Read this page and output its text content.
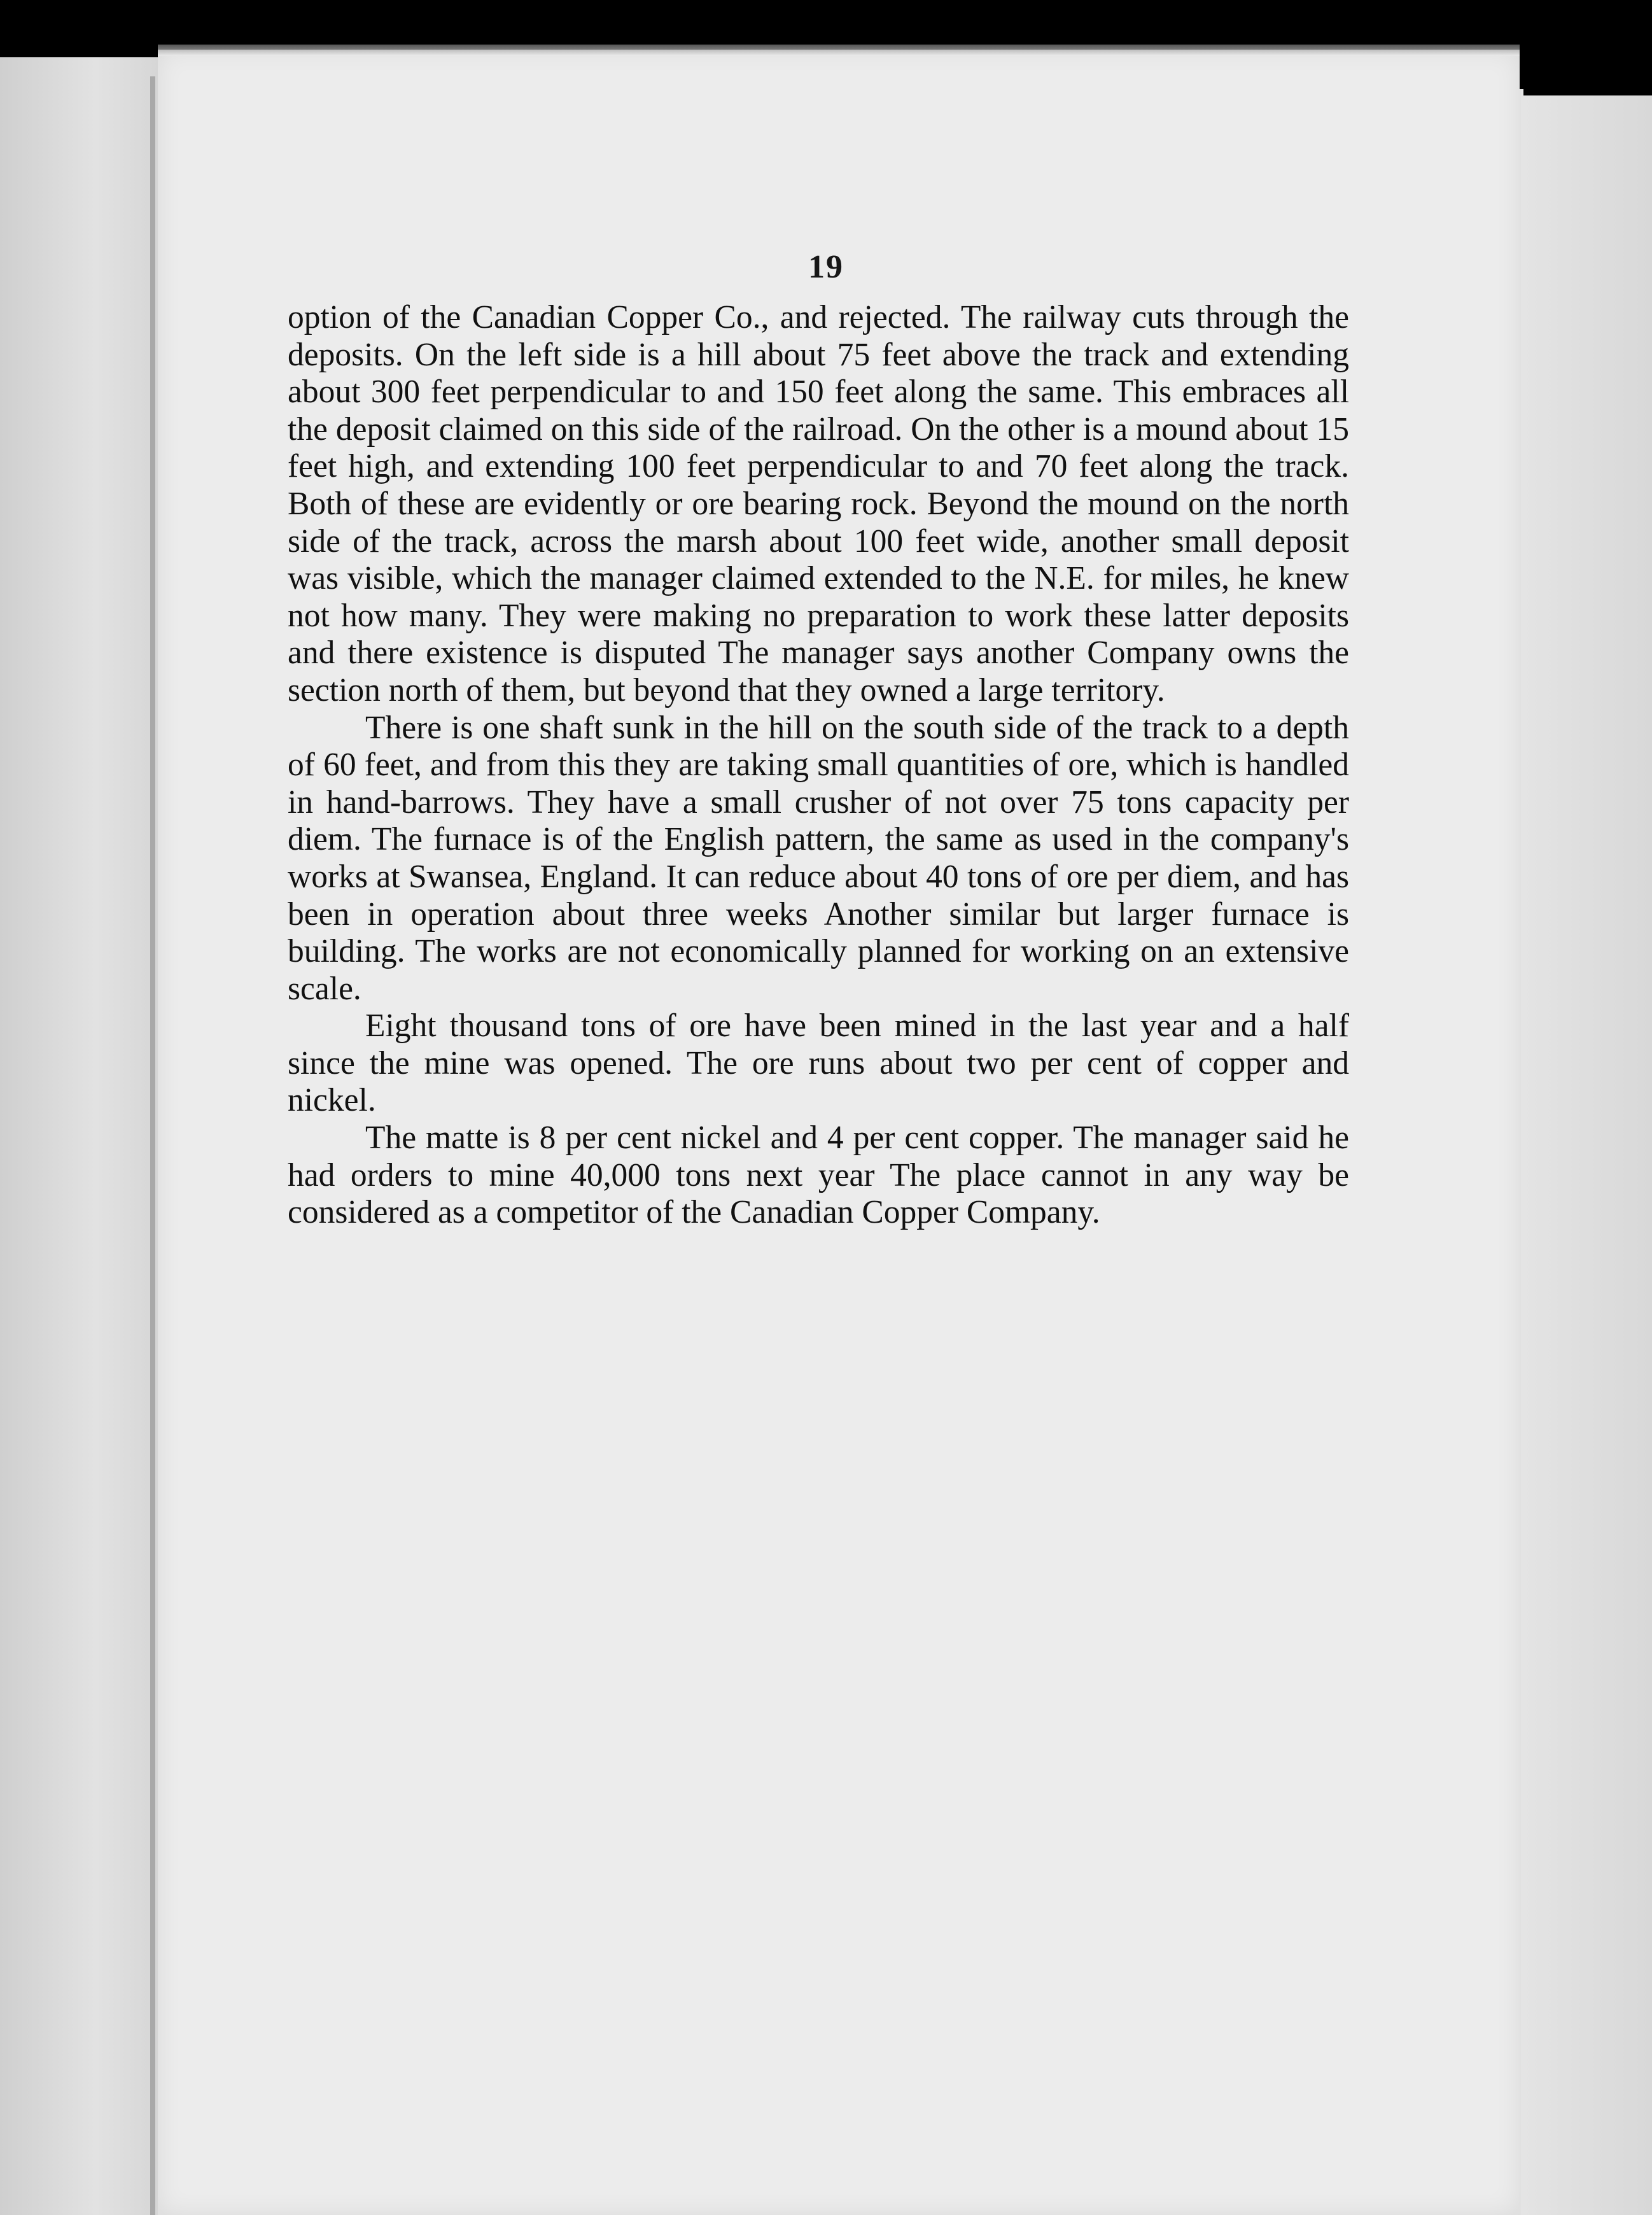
19

option of the Canadian Copper Co., and rejected. The railway cuts through the deposits. On the left side is a hill about 75 feet above the track and extending about 300 feet perpendicular to and 150 feet along the same. This embraces all the deposit claimed on this side of the railroad. On the other is a mound about 15 feet high, and extending 100 feet perpendicular to and 70 feet along the track. Both of these are evidently or ore bearing rock. Beyond the mound on the north side of the track, across the marsh about 100 feet wide, another small deposit was visible, which the manager claimed extended to the N.E. for miles, he knew not how many. They were making no preparation to work these latter deposits and there existence is disputed The manager says another Company owns the section north of them, but beyond that they owned a large territory.

There is one shaft sunk in the hill on the south side of the track to a depth of 60 feet, and from this they are taking small quantities of ore, which is handled in hand-barrows. They have a small crusher of not over 75 tons capacity per diem. The furnace is of the English pattern, the same as used in the company's works at Swansea, England. It can reduce about 40 tons of ore per diem, and has been in operation about three weeks Another similar but larger furnace is building. The works are not economically planned for working on an extensive scale.

Eight thousand tons of ore have been mined in the last year and a half since the mine was opened. The ore runs about two per cent of copper and nickel.

The matte is 8 per cent nickel and 4 per cent copper. The manager said he had orders to mine 40,000 tons next year The place cannot in any way be considered as a competitor of the Canadian Copper Company.
